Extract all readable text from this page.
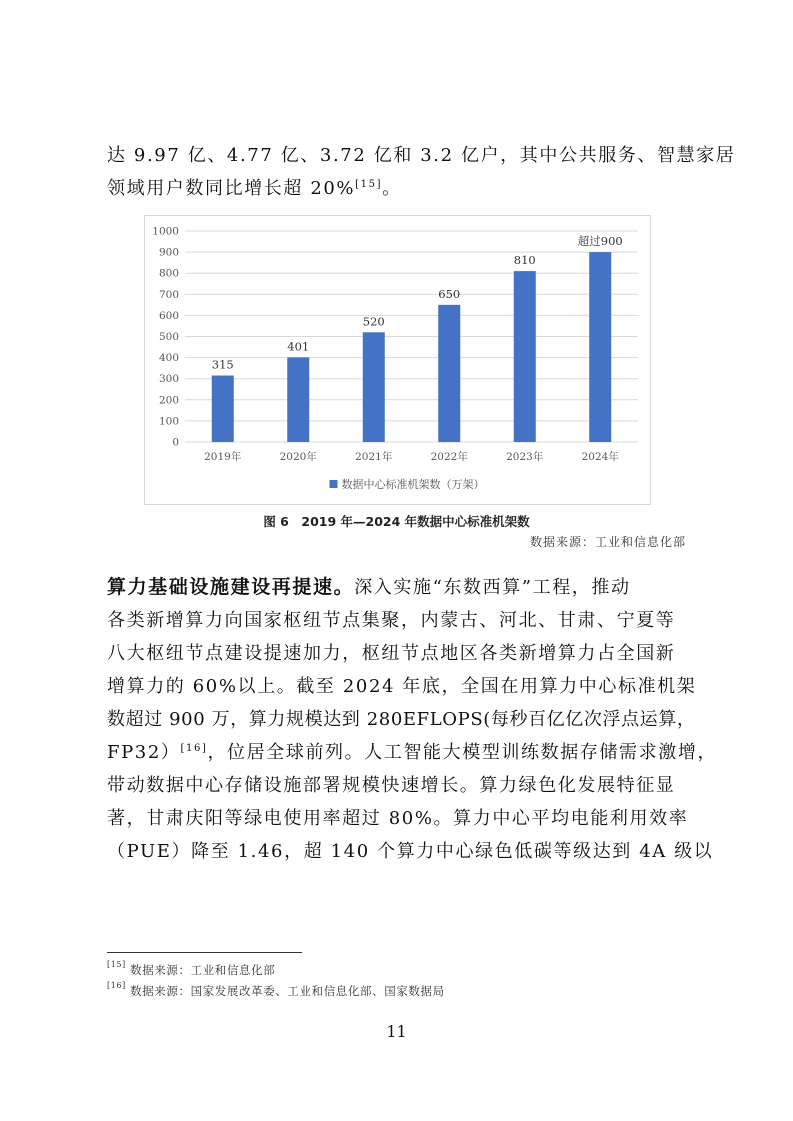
达 9.97 亿、4.77 亿、3.72 亿和 3.2 亿户，其中公共服务、智慧家居
领域用户数同比增长超 20%[15]。

0
100
200
300
400
500
600
700
800
900
1000
315
2019年
401
2020年
520
2021年
650
2022年
810
2023年
超过900
2024年
数据中心标准机架数（万架）
图 6　2019 年—2024 年数据中心标准机架数
数据来源：工业和信息化部

算力基础设施建设再提速。深入实施“东数西算”工程，推动
各类新增算力向国家枢纽节点集聚，内蒙古、河北、甘肃、宁夏等
八大枢纽节点建设提速加力，枢纽节点地区各类新增算力占全国新
增算力的 60%以上。截至 2024 年底，全国在用算力中心标准机架
数超过 900 万，算力规模达到 280EFLOPS(每秒百亿亿次浮点运算，
FP32）[16]，位居全球前列。人工智能大模型训练数据存储需求激增，
带动数据中心存储设施部署规模快速增长。算力绿色化发展特征显
著，甘肃庆阳等绿电使用率超过 80%。算力中心平均电能利用效率
（PUE）降至 1.46，超 140 个算力中心绿色低碳等级达到 4A 级以

[15] 数据来源：工业和信息化部
[16] 数据来源：国家发展改革委、工业和信息化部、国家数据局
11
